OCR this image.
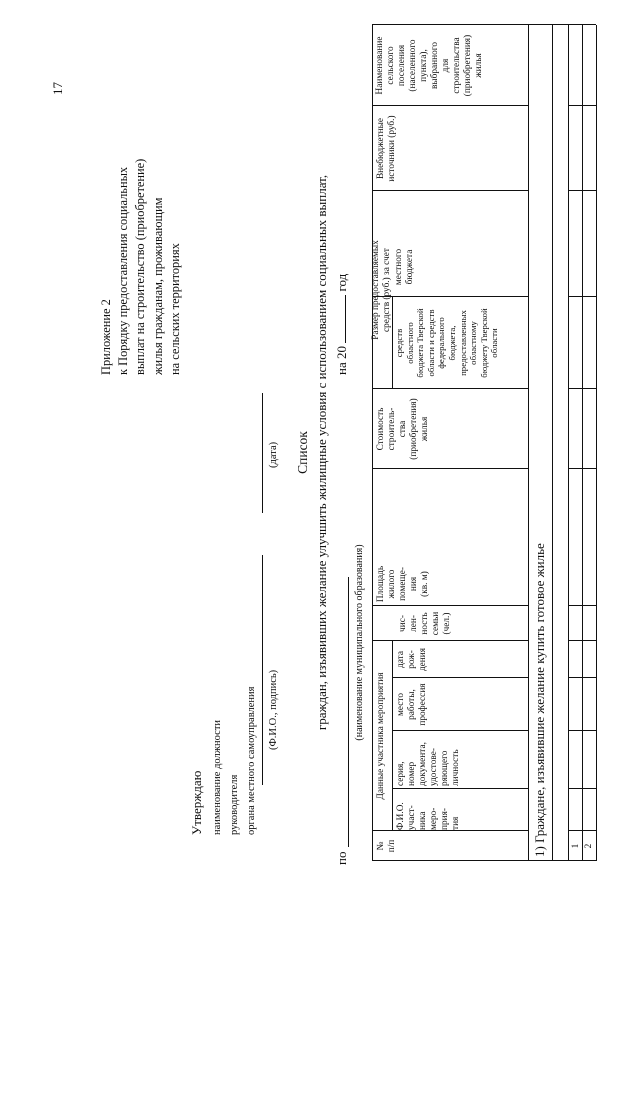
17
Приложение 2 к Порядку предоставления социальных выплат на строительство (приобретение) жилья гражданам, проживающим на сельских территориях
Утверждаю наименование должности руководителя органа местного самоуправления (Ф.И.О., подпись)
(дата) Список граждан, изъявивших желание улучшить жилищные условия с использованием социальных выплат,
по
на 20  год
(наименование муниципального образования)
№
п/п
Данные участника мероприятия
Ф.И.О.
участ-
ника
меро-
прия-
тия
серия,
номер
документа,
удостове-
ряющего
личность
место
работы,
профессия
дата
рож-
дения
чис-
лен-
ность
семьи
(чел.)
Площадь
жилого
помеще-
ния
(кв. м)
Стоимость
строитель-
ства
(приобретения)
жилья
Размер предоставляемых
средств (руб.) за счет
средств
областного
бюджета Тверской
области и средств
федерального
бюджета,
предоставленных
областному
бюджету Тверской
области
местного
бюджета
Внебюджетные
источники (руб.)
Наименование
сельского
поселения
(населенного
пункта),
выбранного
для
строительства
(приобретения)
жилья
1) Граждане, изъявившие желание купить готовое жилье	1 2
